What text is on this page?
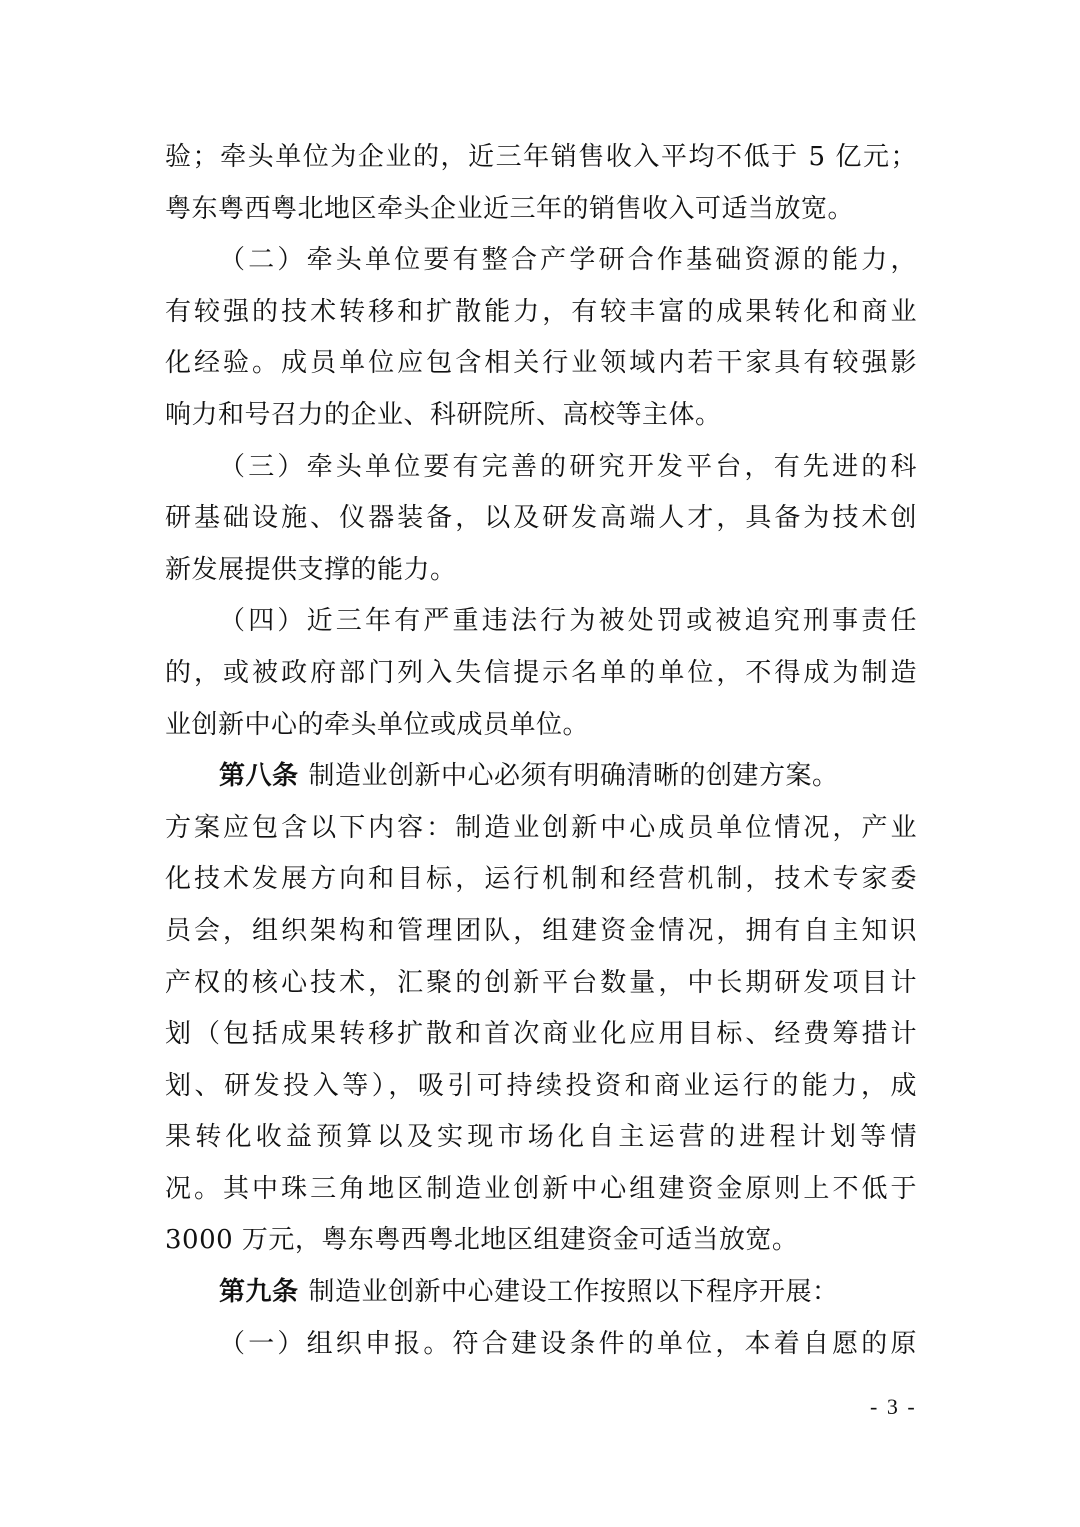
验；牵头单位为企业的，近三年销售收入平均不低于 5 亿元；
粤东粤西粤北地区牵头企业近三年的销售收入可适当放宽。
（二）牵头单位要有整合产学研合作基础资源的能力，
有较强的技术转移和扩散能力，有较丰富的成果转化和商业
化经验。成员单位应包含相关行业领域内若干家具有较强影
响力和号召力的企业、科研院所、高校等主体。
（三）牵头单位要有完善的研究开发平台，有先进的科
研基础设施、仪器装备，以及研发高端人才，具备为技术创
新发展提供支撑的能力。
（四）近三年有严重违法行为被处罚或被追究刑事责任
的，或被政府部门列入失信提示名单的单位，不得成为制造
业创新中心的牵头单位或成员单位。
第八条 制造业创新中心必须有明确清晰的创建方案。
方案应包含以下内容：制造业创新中心成员单位情况，产业
化技术发展方向和目标，运行机制和经营机制，技术专家委
员会，组织架构和管理团队，组建资金情况，拥有自主知识
产权的核心技术，汇聚的创新平台数量，中长期研发项目计
划（包括成果转移扩散和首次商业化应用目标、经费筹措计
划、研发投入等），吸引可持续投资和商业运行的能力，成
果转化收益预算以及实现市场化自主运营的进程计划等情
况。其中珠三角地区制造业创新中心组建资金原则上不低于
3000 万元，粤东粤西粤北地区组建资金可适当放宽。
第九条 制造业创新中心建设工作按照以下程序开展：
（一）组织申报。符合建设条件的单位，本着自愿的原
- 3 -
